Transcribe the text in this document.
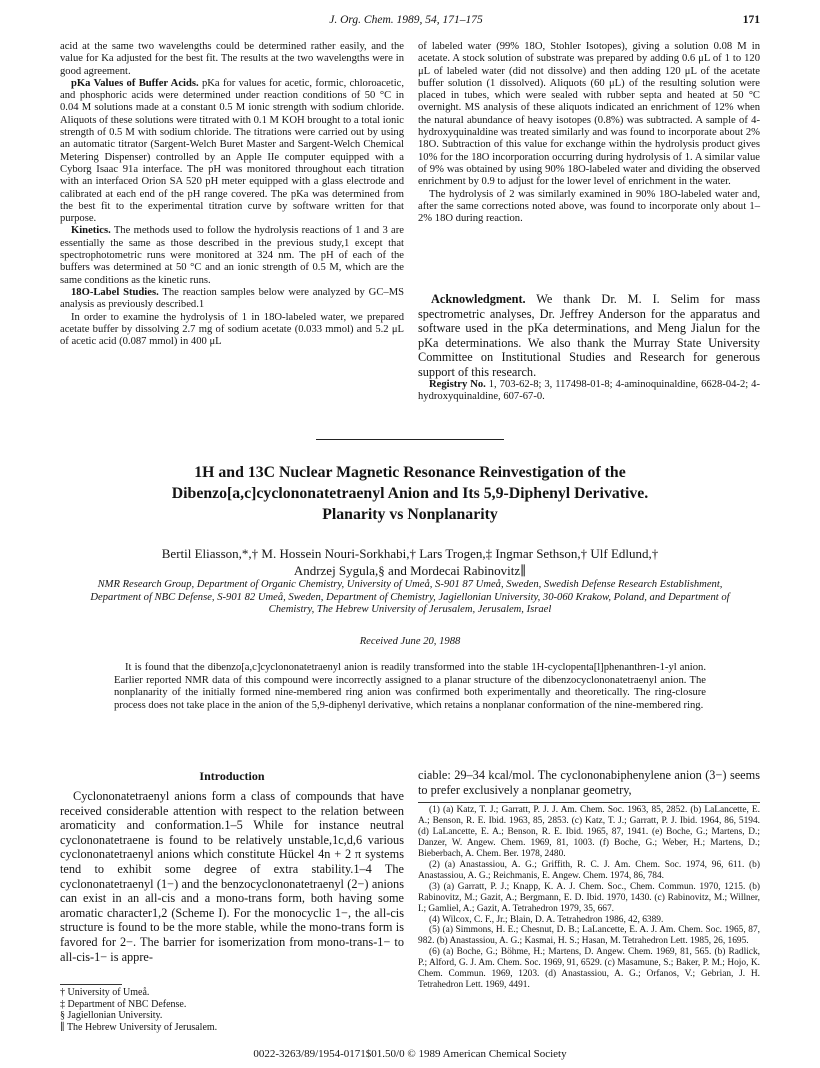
J. Org. Chem. 1989, 54, 171–175	171

acid at the same two wavelengths could be determined rather easily, and the value for Ka adjusted for the best fit. The results at the two wavelengths were in good agreement.

pKa Values of Buffer Acids. pKa for values for acetic, formic, chloroacetic, and phosphoric acids were determined under reaction conditions of 50 °C in 0.04 M solutions made at a constant 0.5 M ionic strength with sodium chloride. Aliquots of these solutions were titrated with 0.1 M KOH brought to a total ionic strength of 0.5 M with sodium chloride. The titrations were carried out by using an automatic titrator (Sargent-Welch Buret Master and Sargent-Welch Chemical Metering Dispenser) controlled by an Apple IIe computer equipped with a Cyborg Isaac 91a interface. The pH was monitored throughout each titration with an interfaced Orion SA 520 pH meter equipped with a glass electrode and calibrated at each end of the pH range covered. The pKa was determined from the best fit to the experimental titration curve by software written for that purpose.

Kinetics. The methods used to follow the hydrolysis reactions of 1 and 3 are essentially the same as those described in the previous study,1 except that spectrophotometric runs were monitored at 324 nm. The pH of each of the buffers was determined at 50 °C and an ionic strength of 0.5 M, which are the same conditions as the kinetic runs.

18O-Label Studies. The reaction samples below were analyzed by GC–MS analysis as previously described.1

In order to examine the hydrolysis of 1 in 18O-labeled water, we prepared acetate buffer by dissolving 2.7 mg of sodium acetate (0.033 mmol) and 5.2 μL of acetic acid (0.087 mmol) in 400 μL

of labeled water (99% 18O, Stohler Isotopes), giving a solution 0.08 M in acetate. A stock solution of substrate was prepared by adding 0.6 μL of 1 to 120 μL of labeled water (did not dissolve) and then adding 120 μL of the acetate buffer solution (1 dissolved). Aliquots (60 μL) of the resulting solution were placed in tubes, which were sealed with rubber septa and heated at 50 °C overnight. MS analysis of these aliquots indicated an enrichment of 12% when the natural abundance of heavy isotopes (0.8%) was subtracted. A sample of 4-hydroxyquinaldine was treated similarly and was found to incorporate about 2% 18O. Subtraction of this value for exchange within the hydrolysis product gives 10% for the 18O incorporation occurring during hydrolysis of 1. A similar value of 9% was obtained by using 90% 18O-labeled water and dividing the observed enrichment by 0.9 to adjust for the lower level of enrichment in the water.

The hydrolysis of 2 was similarly examined in 90% 18O-labeled water and, after the same corrections noted above, was found to incorporate only about 1–2% 18O during reaction.

Acknowledgment. We thank Dr. M. I. Selim for mass spectrometric analyses, Dr. Jeffrey Anderson for the apparatus and software used in the pKa determinations, and Meng Jialun for the pKa determinations. We also thank the Murray State University Committee on Institutional Studies and Research for generous support of this research.
Registry No. 1, 703-62-8; 3, 117498-01-8; 4-aminoquinaldine, 6628-04-2; 4-hydroxyquinaldine, 607-67-0.
1H and 13C Nuclear Magnetic Resonance Reinvestigation of the
Dibenzo[a,c]cyclononatetraenyl Anion and Its 5,9-Diphenyl Derivative.
Planarity vs Nonplanarity
Bertil Eliasson,*,† M. Hossein Nouri-Sorkhabi,† Lars Trogen,‡ Ingmar Sethson,† Ulf Edlund,†
Andrzej Sygula,§ and Mordecai Rabinovitz∥
NMR Research Group, Department of Organic Chemistry, University of Umeå, S-901 87 Umeå, Sweden, Swedish Defense Research Establishment, Department of NBC Defense, S-901 82 Umeå, Sweden, Department of Chemistry, Jagiellonian University, 30-060 Krakow, Poland, and Department of Chemistry, The Hebrew University of Jerusalem, Jerusalem, Israel
Received June 20, 1988
It is found that the dibenzo[a,c]cyclononatetraenyl anion is readily transformed into the stable 1H-cyclopenta[l]phenanthren-1-yl anion. Earlier reported NMR data of this compound were incorrectly assigned to a planar structure of the dibenzocyclononatetraenyl anion. The nonplanarity of the initially formed nine-membered ring anion was confirmed both experimentally and theoretically. The ring-closure process does not take place in the anion of the 5,9-diphenyl derivative, which retains a nonplanar conformation of the nine-membered ring.
Introduction

Cyclononatetraenyl anions form a class of compounds that have received considerable attention with respect to the relation between aromaticity and conformation.1–5 While for instance neutral cyclononatetraene is found to be relatively unstable,1c,d,6 various cyclononatetraenyl anions which constitute Hückel 4n + 2 π systems tend to exhibit some degree of extra stability.1–4 The cyclononatetraenyl (1−) and the benzocyclononatetraenyl (2−) anions can exist in an all-cis and a mono-trans form, both having some aromatic character1,2 (Scheme I). For the monocyclic 1−, the all-cis structure is found to be the more stable, while the mono-trans form is favored for 2−. The barrier for isomerization from mono-trans-1− to all-cis-1− is appre-

ciable: 29–34 kcal/mol. The cyclononabiphenylene anion (3−) seems to prefer exclusively a nonplanar geometry,
† University of Umeå.
‡ Department of NBC Defense.
§ Jagiellonian University.
∥ The Hebrew University of Jerusalem.

(1) (a) Katz, T. J.; Garratt, P. J. J. Am. Chem. Soc. 1963, 85, 2852. (b) LaLancette, E. A.; Benson, R. E. Ibid. 1963, 85, 2853. (c) Katz, T. J.; Garratt, P. J. Ibid. 1964, 86, 5194. (d) LaLancette, E. A.; Benson, R. E. Ibid. 1965, 87, 1941. (e) Boche, G.; Martens, D.; Danzer, W. Angew. Chem. 1969, 81, 1003. (f) Boche, G.; Weber, H.; Martens, D.; Bieberbach, A. Chem. Ber. 1978, 2480.

(2) (a) Anastassiou, A. G.; Griffith, R. C. J. Am. Chem. Soc. 1974, 96, 611. (b) Anastassiou, A. G.; Reichmanis, E. Angew. Chem. 1974, 86, 784.

(3) (a) Garratt, P. J.; Knapp, K. A. J. Chem. Soc., Chem. Commun. 1970, 1215. (b) Rabinovitz, M.; Gazit, A.; Bergmann, E. D. Ibid. 1970, 1430. (c) Rabinovitz, M.; Willner, I.; Gamliel, A.; Gazit, A. Tetrahedron 1979, 35, 667.

(4) Wilcox, C. F., Jr.; Blain, D. A. Tetrahedron 1986, 42, 6389.

(5) (a) Simmons, H. E.; Chesnut, D. B.; LaLancette, E. A. J. Am. Chem. Soc. 1965, 87, 982. (b) Anastassiou, A. G.; Kasmai, H. S.; Hasan, M. Tetrahedron Lett. 1985, 26, 1695.

(6) (a) Boche, G.; Böhme, H.; Martens, D. Angew. Chem. 1969, 81, 565. (b) Radlick, P.; Alford, G. J. Am. Chem. Soc. 1969, 91, 6529. (c) Masamune, S.; Baker, P. M.; Hojo, K. Chem. Commun. 1969, 1203. (d) Anastassiou, A. G.; Orfanos, V.; Gebrian, J. H. Tetrahedron Lett. 1969, 4491.

0022-3263/89/1954-0171$01.50/0 © 1989 American Chemical Society
